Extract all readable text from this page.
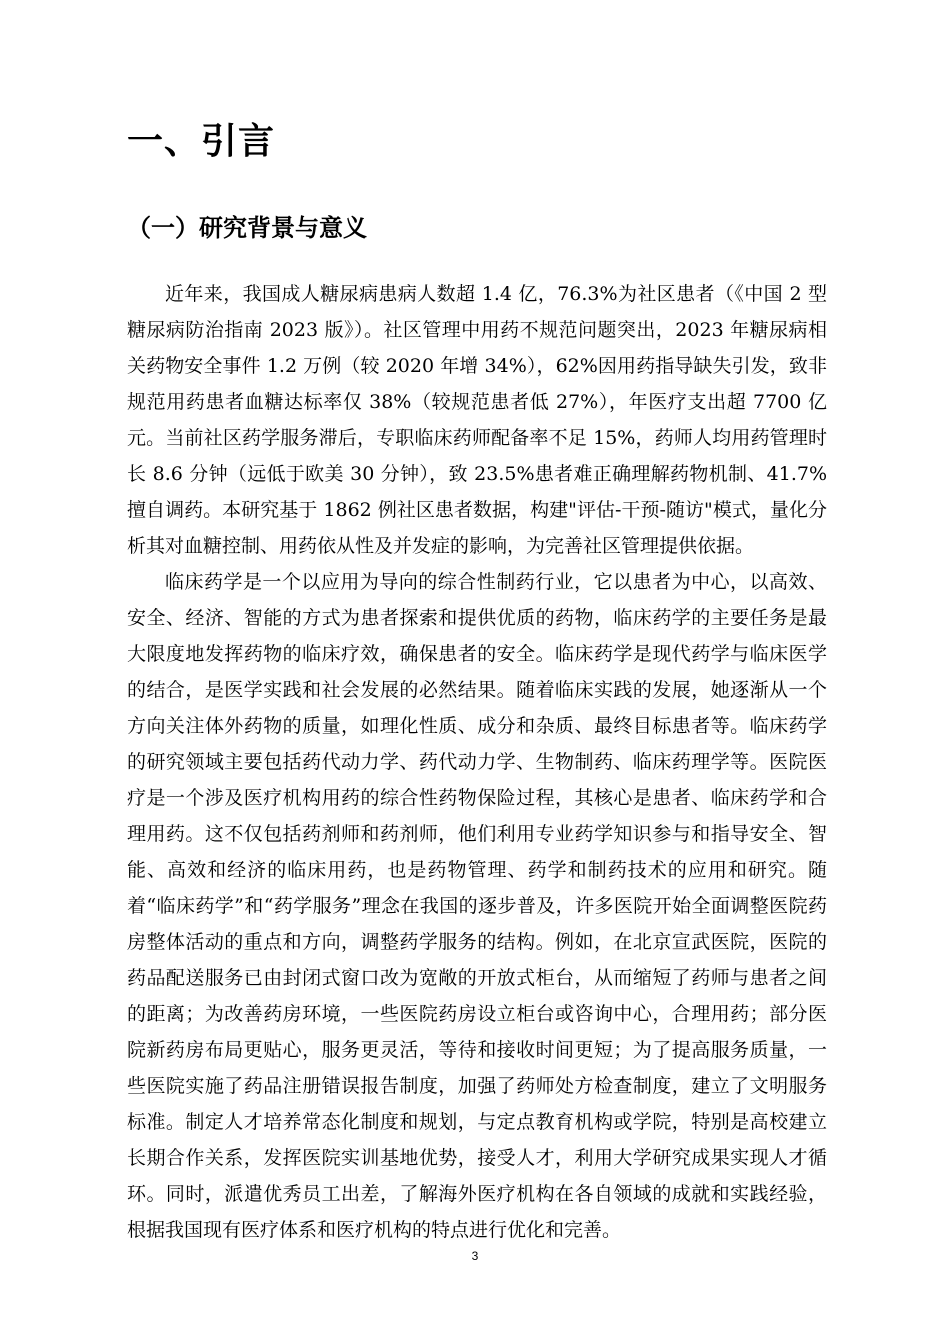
一、引言
（一）研究背景与意义

近年来，我国成人糖尿病患病人数超 1.4 亿，76.3%为社区患者（《中国 2 型糖尿病防治指南 2023 版》）。社区管理中用药不规范问题突出，2023 年糖尿病相关药物安全事件 1.2 万例（较 2020 年增 34%），62%因用药指导缺失引发，致非规范用药患者血糖达标率仅 38%（较规范患者低 27%），年医疗支出超 7700 亿元。当前社区药学服务滞后，专职临床药师配备率不足 15%，药师人均用药管理时长 8.6 分钟（远低于欧美 30 分钟），致 23.5%患者难正确理解药物机制、41.7%擅自调药。本研究基于 1862 例社区患者数据，构建"评估-干预-随访"模式，量化分析其对血糖控制、用药依从性及并发症的影响，为完善社区管理提供依据。

临床药学是一个以应用为导向的综合性制药行业，它以患者为中心，以高效、安全、经济、智能的方式为患者探索和提供优质的药物，临床药学的主要任务是最大限度地发挥药物的临床疗效，确保患者的安全。临床药学是现代药学与临床医学的结合，是医学实践和社会发展的必然结果。随着临床实践的发展，她逐渐从一个方向关注体外药物的质量，如理化性质、成分和杂质、最终目标患者等。临床药学的研究领域主要包括药代动力学、药代动力学、生物制药、临床药理学等。医院医疗是一个涉及医疗机构用药的综合性药物保险过程，其核心是患者、临床药学和合理用药。这不仅包括药剂师和药剂师，他们利用专业药学知识参与和指导安全、智能、高效和经济的临床用药，也是药物管理、药学和制药技术的应用和研究。随着“临床药学”和“药学服务”理念在我国的逐步普及，许多医院开始全面调整医院药房整体活动的重点和方向，调整药学服务的结构。例如，在北京宣武医院，医院的药品配送服务已由封闭式窗口改为宽敞的开放式柜台，从而缩短了药师与患者之间的距离；为改善药房环境，一些医院药房设立柜台或咨询中心，合理用药；部分医院新药房布局更贴心，服务更灵活，等待和接收时间更短；为了提高服务质量，一些医院实施了药品注册错误报告制度，加强了药师处方检查制度，建立了文明服务标准。制定人才培养常态化制度和规划，与定点教育机构或学院，特别是高校建立长期合作关系，发挥医院实训基地优势，接受人才，利用大学研究成果实现人才循环。同时，派遣优秀员工出差，了解海外医疗机构在各自领域的成就和实践经验，根据我国现有医疗体系和医疗机构的特点进行优化和完善。

3
